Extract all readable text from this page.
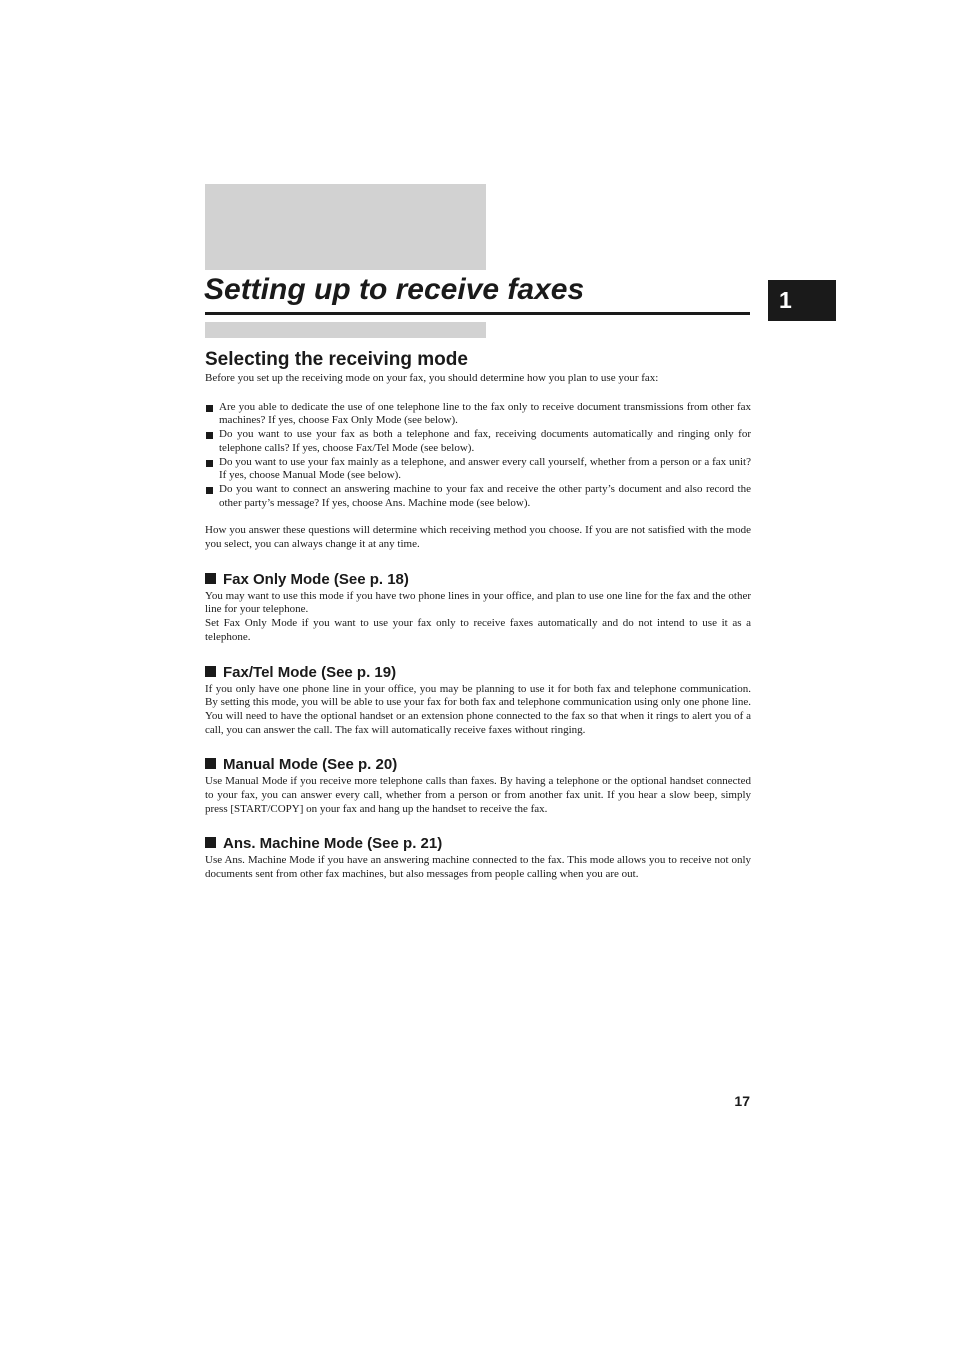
Setting up to receive faxes	1
Selecting the receiving mode

Before you set up the receiving mode on your fax, you should determine how you plan to use your fax:

Are you able to dedicate the use of one telephone line to the fax only to receive document transmissions from other fax machines? If yes, choose Fax Only Mode (see below).
Do you want to use your fax as both a telephone and fax, receiving documents automatically and ringing only for telephone calls? If yes, choose Fax/Tel Mode (see below).
Do you want to use your fax mainly as a telephone, and answer every call yourself, whether from a person or a fax unit? If yes, choose Manual Mode (see below).
Do you want to connect an answering machine to your fax and receive the other party’s document and also record the other party’s message? If yes, choose Ans. Machine mode (see below).

How you answer these questions will determine which receiving method you choose. If you are not satisfied with the mode you select, you can always change it at any time.

Fax Only Mode (See p. 18)

You may want to use this mode if you have two phone lines in your office, and plan to use one line for the fax and the other line for your telephone.

Set Fax Only Mode if you want to use your fax only to receive faxes automatically and do not intend to use it as a telephone.

Fax/Tel Mode (See p. 19)

If you only have one phone line in your office, you may be planning to use it for both fax and telephone communication. By setting this mode, you will be able to use your fax for both fax and telephone communication using only one phone line. You will need to have the optional handset or an extension phone connected to the fax so that when it rings to alert you of a call, you can answer the call. The fax will automatically receive faxes without ringing.

Manual Mode (See p. 20)

Use Manual Mode if you receive more telephone calls than faxes. By having a telephone or the optional handset connected to your fax, you can answer every call, whether from a person or from another fax unit. If you hear a slow beep, simply press [START/COPY] on your fax and hang up the handset to receive the fax.

Ans. Machine Mode (See p. 21)

Use Ans. Machine Mode if you have an answering machine connected to the fax. This mode allows you to receive not only documents sent from other fax machines, but also messages from people calling when you are out.

17
